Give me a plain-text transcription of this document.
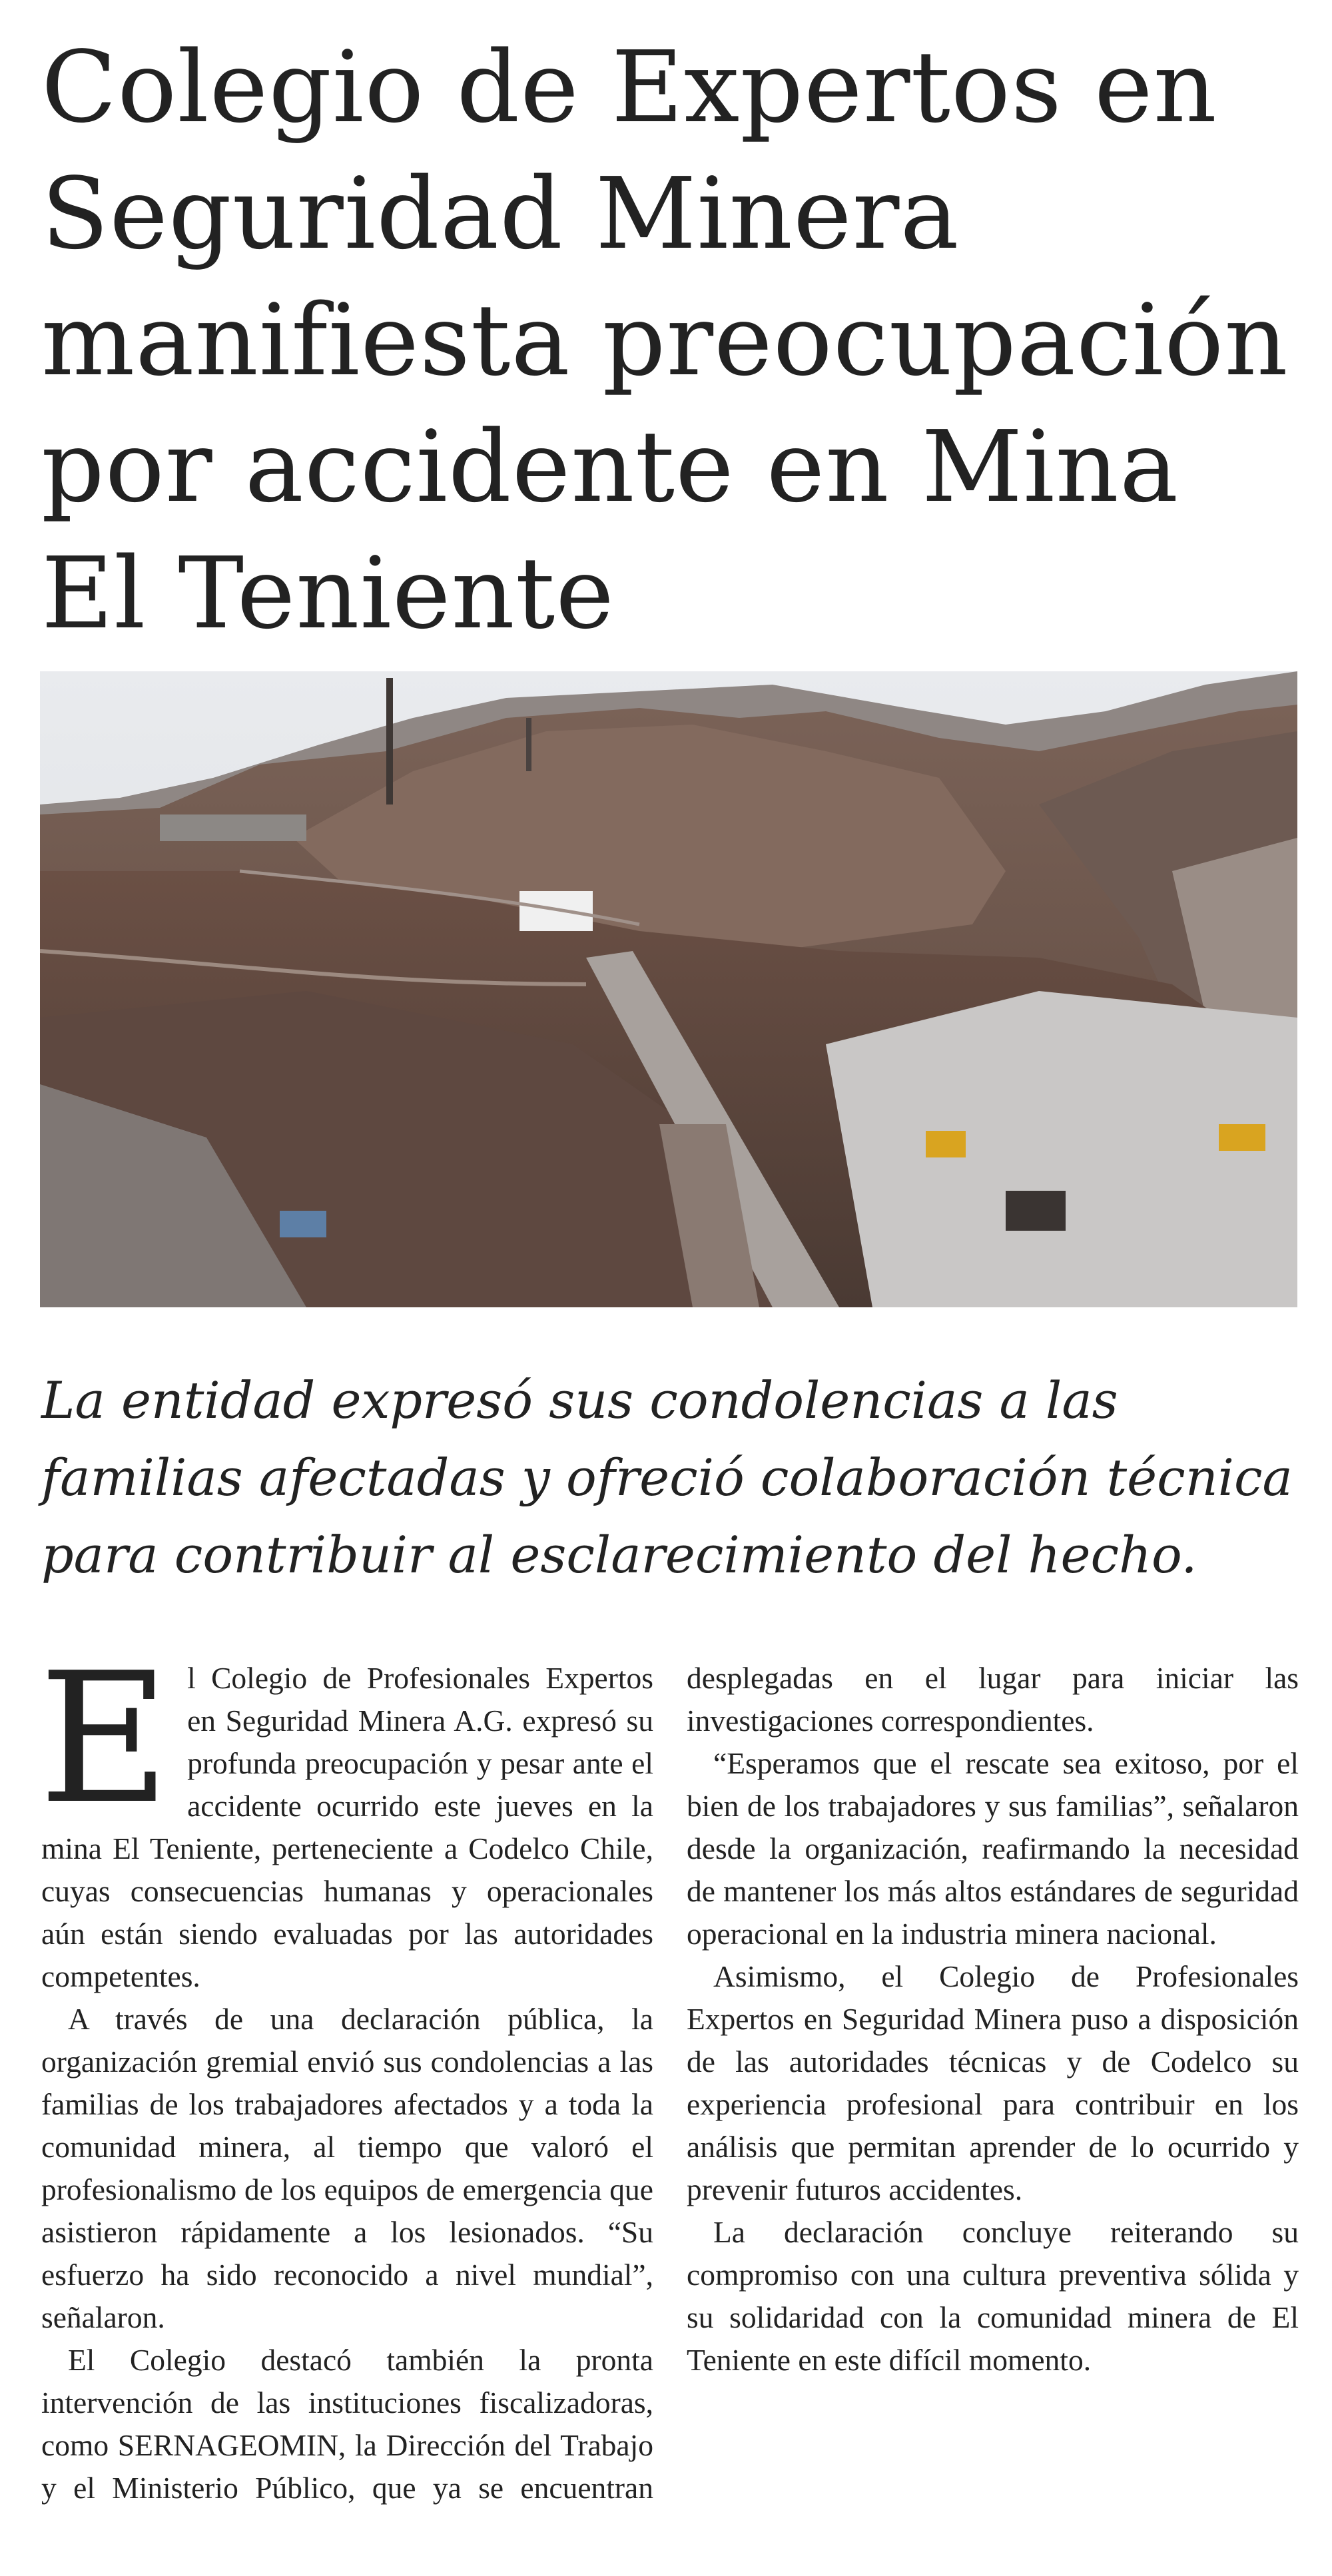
Colegio de Expertos en Seguridad Minera manifiesta preocupación por accidente en Mina El Teniente

La entidad expresó sus condolencias a las familias afectadas y ofreció colaboración técnica para contribuir al esclarecimiento del hecho.

El Colegio de Profesionales Expertos en Seguridad Minera A.G. expresó su profunda preocupación y pesar ante el accidente ocurrido este jueves en la mina El Teniente, perteneciente a Codelco Chile, cuyas consecuencias humanas y operacionales aún están siendo evaluadas por las autoridades competentes.

A través de una declaración pública, la organización gremial envió sus condolencias a las familias de los trabajadores afectados y a toda la comunidad minera, al tiempo que valoró el profesionalismo de los equipos de emergencia que asistieron rápidamente a los lesionados. “Su esfuerzo ha sido reconocido a nivel mundial”, señalaron.

El Colegio destacó también la pronta intervención de las instituciones fiscalizadoras, como SERNAGEOMIN, la Dirección del Trabajo y el Ministerio Público, que ya se encuentran desplegadas en el lugar para iniciar las investigaciones correspondientes.

“Esperamos que el rescate sea exitoso, por el bien de los trabajadores y sus familias”, señalaron desde la organización, reafirmando la necesidad de mantener los más altos estándares de seguridad operacional en la industria minera nacional.

Asimismo, el Colegio de Profesionales Expertos en Seguridad Minera puso a disposición de las autoridades técnicas y de Codelco su experiencia profesional para contribuir en los análisis que permitan aprender de lo ocurrido y prevenir futuros accidentes.

La declaración concluye reiterando su compromiso con una cultura preventiva sólida y su solidaridad con la comunidad minera de El Teniente en este difícil momento.
